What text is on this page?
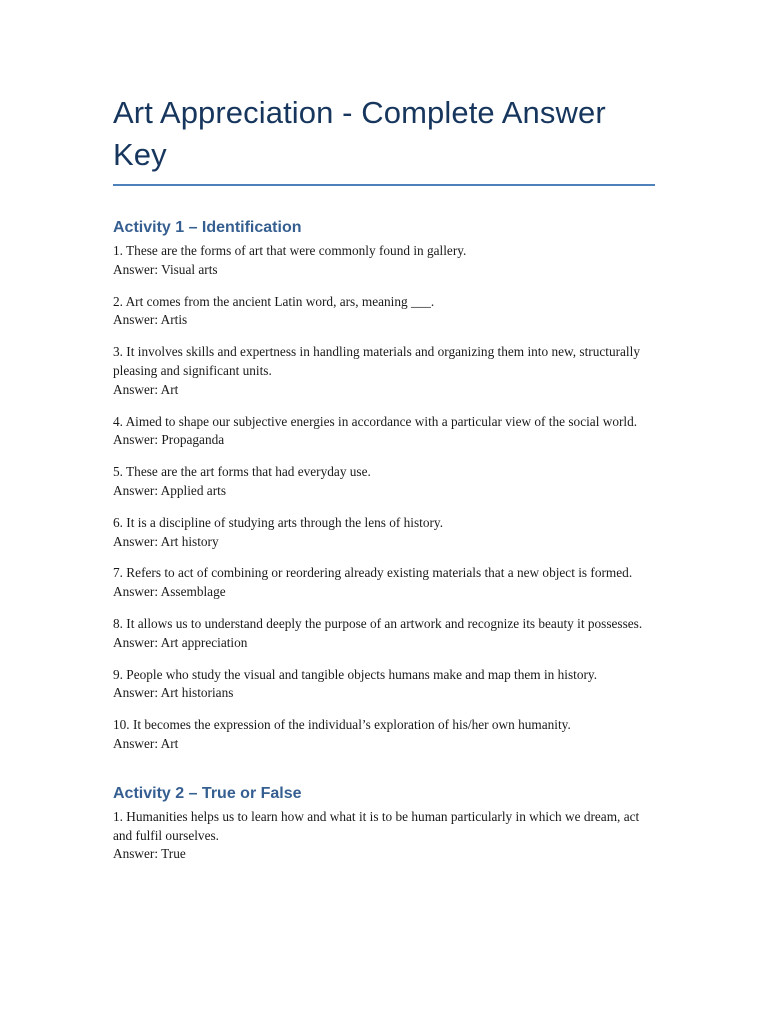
Art Appreciation - Complete Answer Key
Activity 1 – Identification

1. These are the forms of art that were commonly found in gallery.

Answer: Visual arts

2. Art comes from the ancient Latin word, ars, meaning ___.

Answer: Artis

3. It involves skills and expertness in handling materials and organizing them into new, structurally pleasing and significant units.

Answer: Art

4. Aimed to shape our subjective energies in accordance with a particular view of the social world.

Answer: Propaganda

5. These are the art forms that had everyday use.

Answer: Applied arts

6. It is a discipline of studying arts through the lens of history.

Answer: Art history

7. Refers to act of combining or reordering already existing materials that a new object is formed.

Answer: Assemblage

8. It allows us to understand deeply the purpose of an artwork and recognize its beauty it possesses.

Answer: Art appreciation

9. People who study the visual and tangible objects humans make and map them in history.

Answer: Art historians

10. It becomes the expression of the individual’s exploration of his/her own humanity.

Answer: Art

Activity 2 – True or False

1. Humanities helps us to learn how and what it is to be human particularly in which we dream, act and fulfil ourselves.

Answer: True
